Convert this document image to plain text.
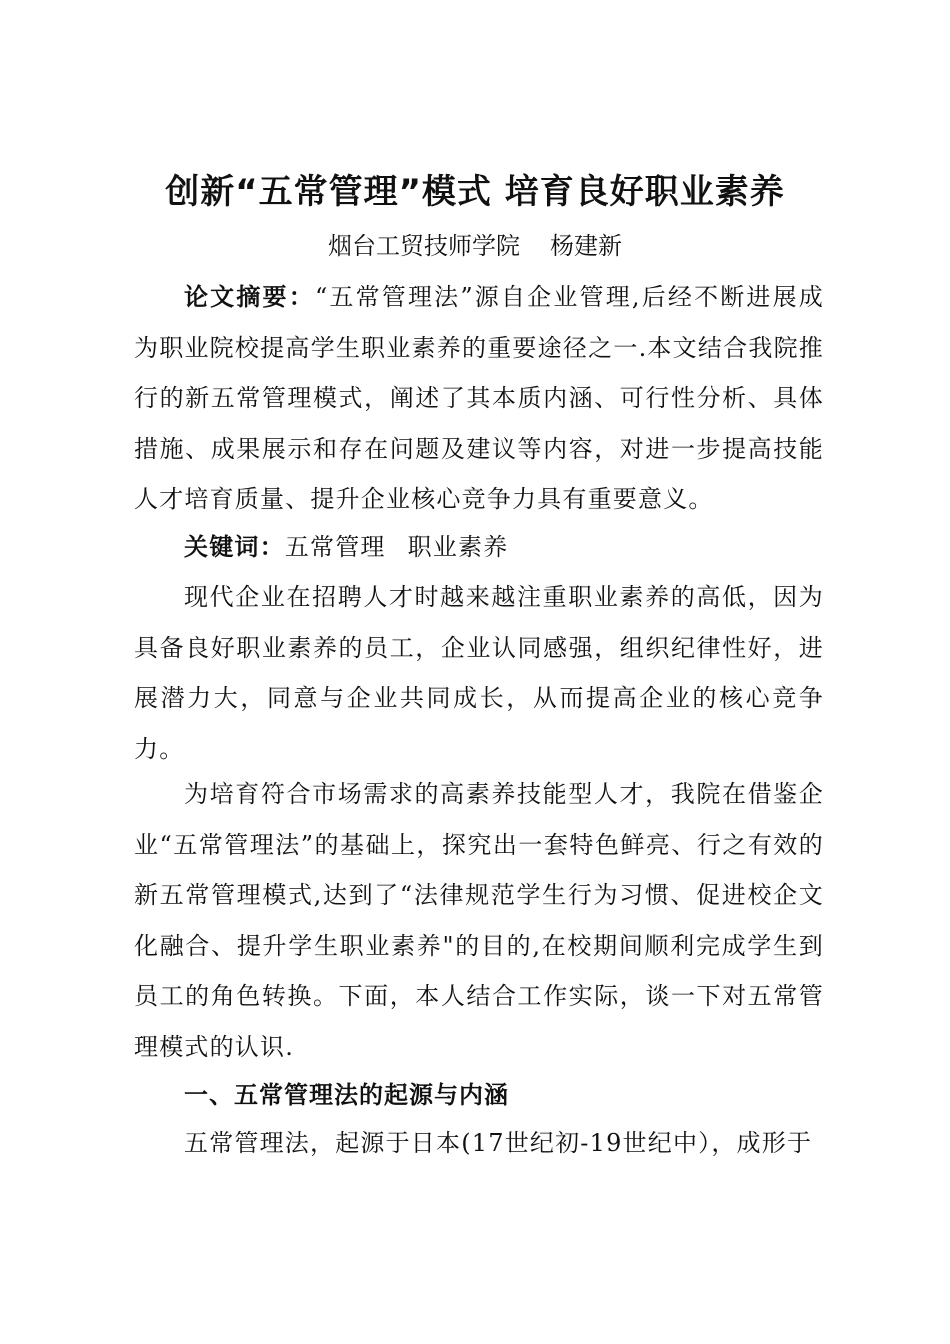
创新“五常管理”模式 培育良好职业素养
烟台工贸技师学院 杨建新
论文摘要：“五常管理法”源自企业管理,后经不断进展成为职业院校提高学生职业素养的重要途径之一.本文结合我院推行的新五常管理模式，阐述了其本质内涵、可行性分析、具体措施、成果展示和存在问题及建议等内容，对进一步提高技能人才培育质量、提升企业核心竞争力具有重要意义。
关键词：五常管理 职业素养
现代企业在招聘人才时越来越注重职业素养的高低，因为具备良好职业素养的员工，企业认同感强，组织纪律性好，进展潜力大，同意与企业共同成长，从而提高企业的核心竞争力。
为培育符合市场需求的高素养技能型人才，我院在借鉴企业“五常管理法”的基础上，探究出一套特色鲜亮、行之有效的新五常管理模式,达到了“法律规范学生行为习惯、促进校企文化融合、提升学生职业素养"的目的,在校期间顺利完成学生到员工的角色转换。下面，本人结合工作实际，谈一下对五常管理模式的认识.
一、五常管理法的起源与内涵
五常管理法，起源于日本(17世纪初-19世纪中），成形于
